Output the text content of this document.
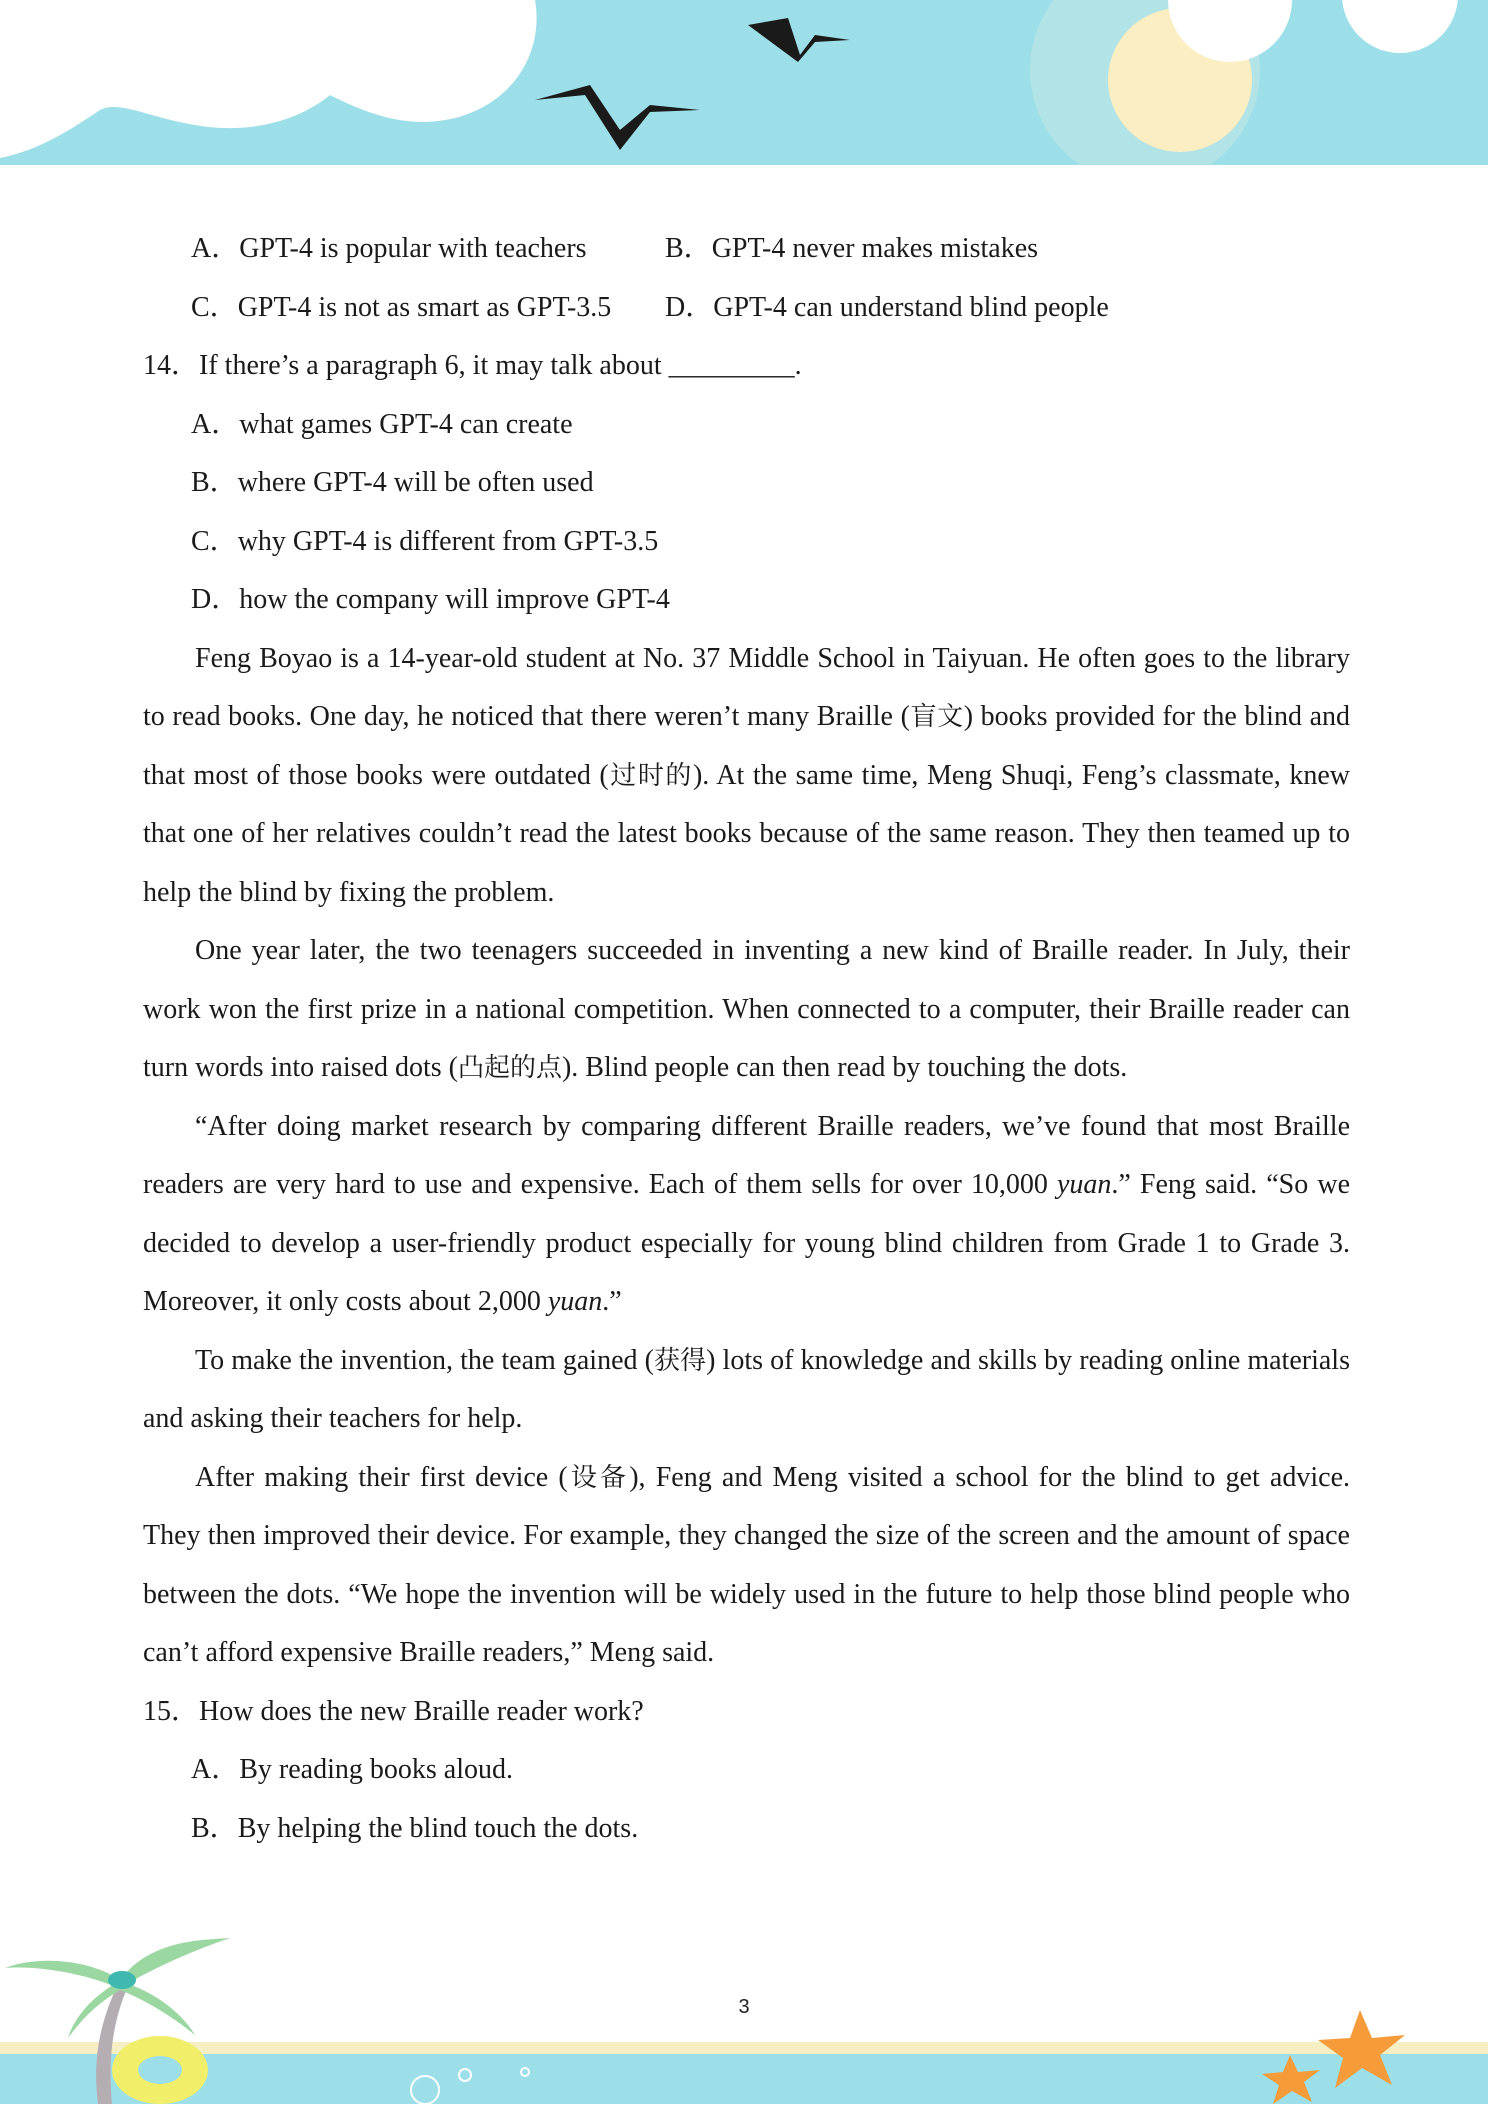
A．GPT-4 is popular with teachers	B．GPT-4 never makes mistakes
C．GPT-4 is not as smart as GPT-3.5	D．GPT-4 can understand blind people

14．If there’s a paragraph 6, it may talk about _________.

A．what games GPT-4 can create

B．where GPT-4 will be often used

C．why GPT-4 is different from GPT-3.5

D．how the company will improve GPT-4

Feng Boyao is a 14-year-old student at No. 37 Middle School in Taiyuan. He often goes to the library to read books. One day, he noticed that there weren’t many Braille (盲文) books provided for the blind and that most of those books were outdated (过时的). At the same time, Meng Shuqi, Feng’s classmate, knew that one of her relatives couldn’t read the latest books because of the same reason. They then teamed up to help the blind by fixing the problem.

One year later, the two teenagers succeeded in inventing a new kind of Braille reader. In July, their work won the first prize in a national competition. When connected to a computer, their Braille reader can turn words into raised dots (凸起的点). Blind people can then read by touching the dots.

“After doing market research by comparing different Braille readers, we’ve found that most Braille readers are very hard to use and expensive. Each of them sells for over 10,000 yuan.” Feng said. “So we decided to develop a user-friendly product especially for young blind children from Grade 1 to Grade 3. Moreover, it only costs about 2,000 yuan.”

To make the invention, the team gained (获得) lots of knowledge and skills by reading online materials and asking their teachers for help.

After making their first device (设备), Feng and Meng visited a school for the blind to get advice. They then improved their device. For example, they changed the size of the screen and the amount of space between the dots. “We hope the invention will be widely used in the future to help those blind people who can’t afford expensive Braille readers,” Meng said.

15．How does the new Braille reader work?

A．By reading books aloud.

B．By helping the blind touch the dots.

3
